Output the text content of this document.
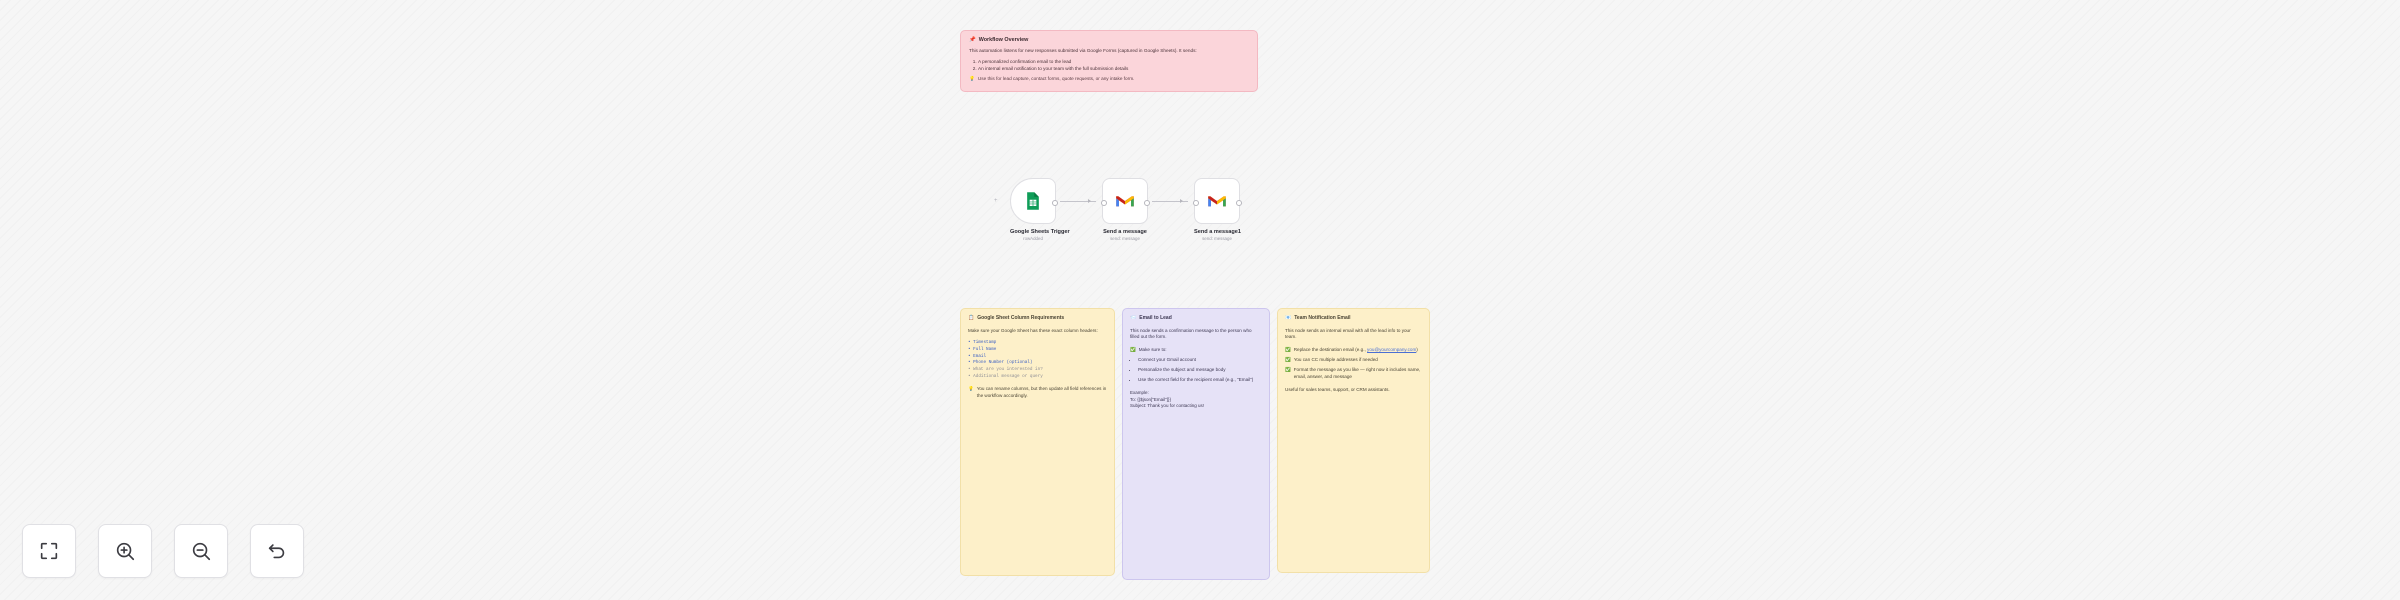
📌 Workflow Overview

This automation listens for new responses submitted via Google Forms (captured in Google Sheets). It sends:

1. A personalized confirmation email to the lead
2. An internal email notification to your team with the full submission details
💡 Use this for lead capture, contact forms, quote requests, or any intake form.
+
Google Sheets Trigger
rowAdded
Send a message
send: message
Send a message1
send: message
📋 Google Sheet Column Requirements

Make sure your Google Sheet has these exact column headers:

• Timestamp
• Full Name
• Email
• Phone Number (optional)
• What are you interested in?
• Additional message or query
💡 You can rename columns, but then update all field references in the workflow accordingly.
📨 Email to Lead

This node sends a confirmation message to the person who filled out the form.

✅ Make sure to:
• Connect your Gmail account
• Personalize the subject and message body
• Use the correct field for the recipient email (e.g., "Email")
Example:
To: {{$json["Email"]}}
Subject: Thank you for contacting us!
📧 Team Notification Email

This node sends an internal email with all the lead info to your team.

✅ Replace the destination email (e.g., you@yourcompany.com)
✅ You can CC multiple addresses if needed
✅ Format the message as you like — right now it includes name, email, answer, and message

Useful for sales teams, support, or CRM assistants.
